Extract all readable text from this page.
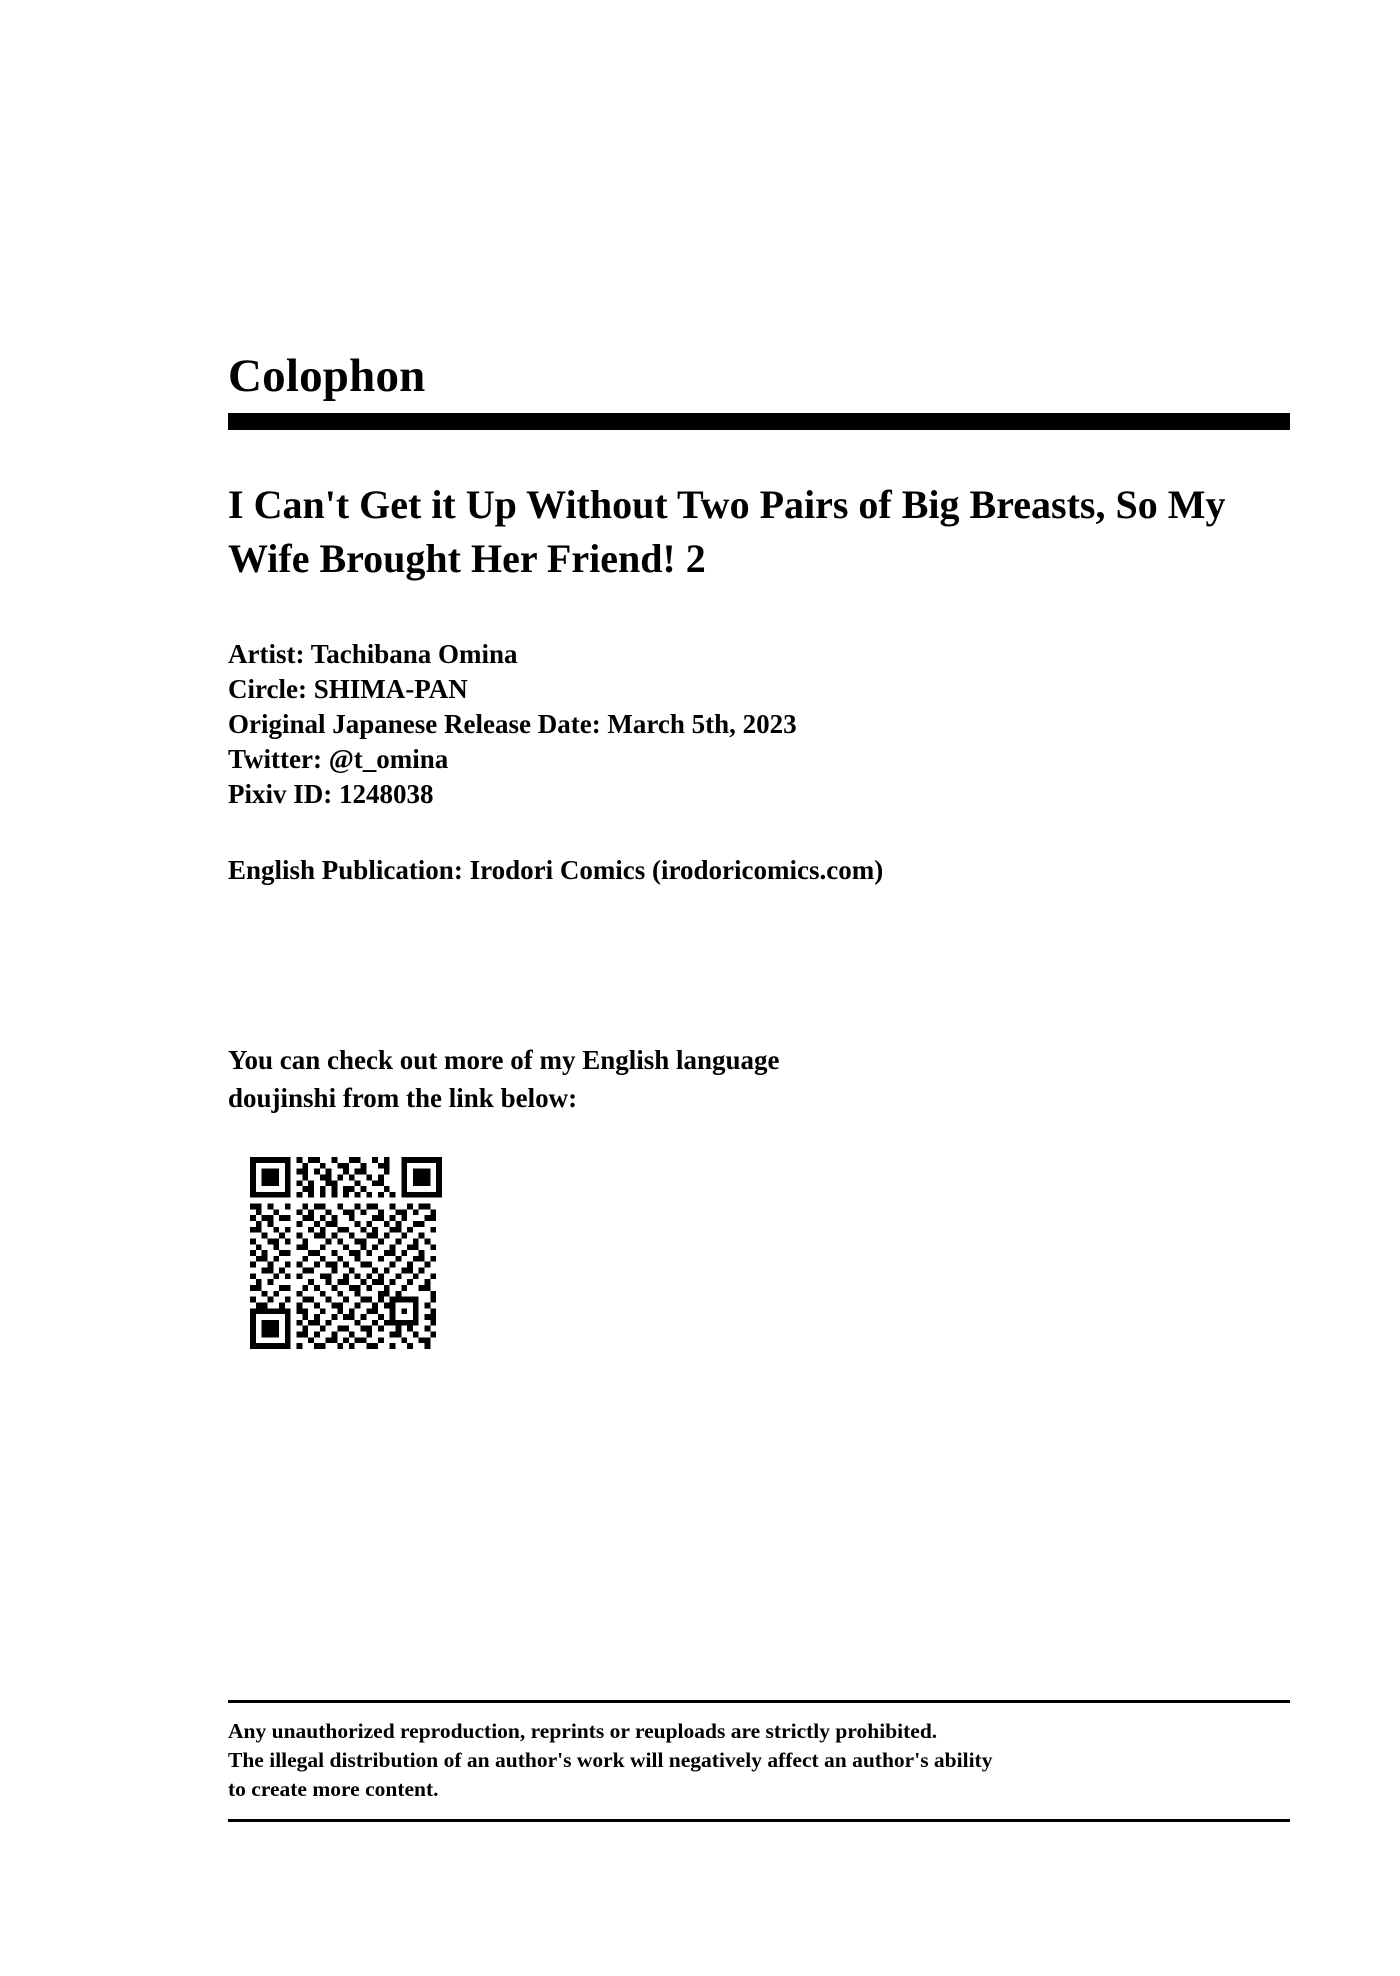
Colophon
I Can't Get it Up Without Two Pairs of Big Breasts, So My Wife Brought Her Friend! 2
Artist: Tachibana Omina
Circle: SHIMA-PAN
Original Japanese Release Date: March 5th, 2023
Twitter: @t_omina
Pixiv ID: 1248038
English Publication: Irodori Comics (irodoricomics.com)
You can check out more of my English language
doujinshi from the link below:
Any unauthorized reproduction, reprints or reuploads are strictly prohibited.
The illegal distribution of an author's work will negatively affect an author's ability
to create more content.
